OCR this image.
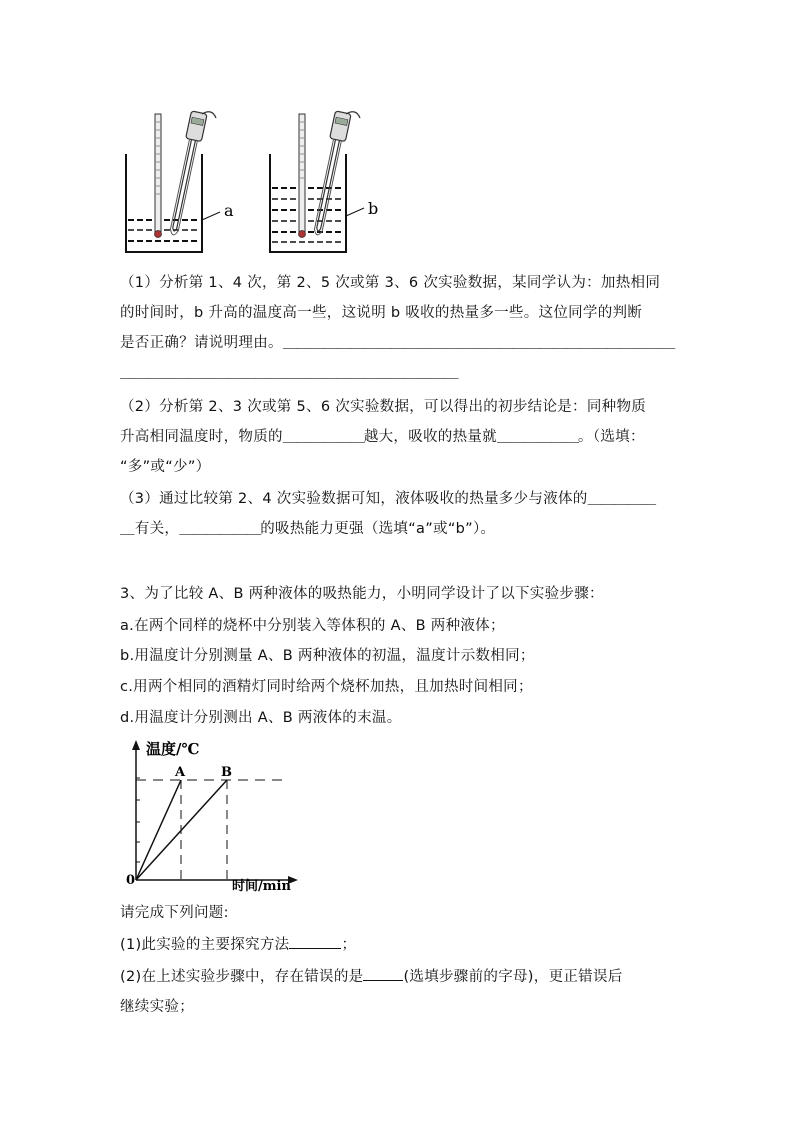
a	b
（1）分析第 1、4 次，第 2、5 次或第 3、6 次实验数据，某同学认为：加热相同
的时间时，b 升高的温度高一些，这说明 b 吸收的热量多一些。这位同学的判断
是否正确？请说明理由。＿＿＿＿＿＿＿＿＿＿＿＿＿＿＿＿＿＿＿＿＿＿＿＿＿＿＿＿＿
＿＿＿＿＿＿＿＿＿＿＿＿＿＿＿＿＿＿＿＿＿＿＿＿＿
（2）分析第 2、3 次或第 5、6 次实验数据，可以得出的初步结论是：同种物质
升高相同温度时，物质的＿＿＿＿＿＿越大，吸收的热量就＿＿＿＿＿＿。（选填：
“多”或“少”）
（3）通过比较第 2、4 次实验数据可知，液体吸收的热量多少与液体的＿＿＿＿＿
＿有关，＿＿＿＿＿＿的吸热能力更强（选填“a”或“b”）。
3、为了比较 A、B 两种液体的吸热能力，小明同学设计了以下实验步骤：
a.在两个同样的烧杯中分别装入等体积的 A、B 两种液体；
b.用温度计分别测量 A、B 两种液体的初温，温度计示数相同；
c.用两个相同的酒精灯同时给两个烧杯加热，且加热时间相同；
d.用温度计分别测出 A、B 两液体的末温。
温度/℃
时间/min
0
A	B
请完成下列问题:
(1)此实验的主要探究方法	；
(2)在上述实验步骤中，存在错误的是	(选填步骤前的字母)，更正错误后
继续实验；
